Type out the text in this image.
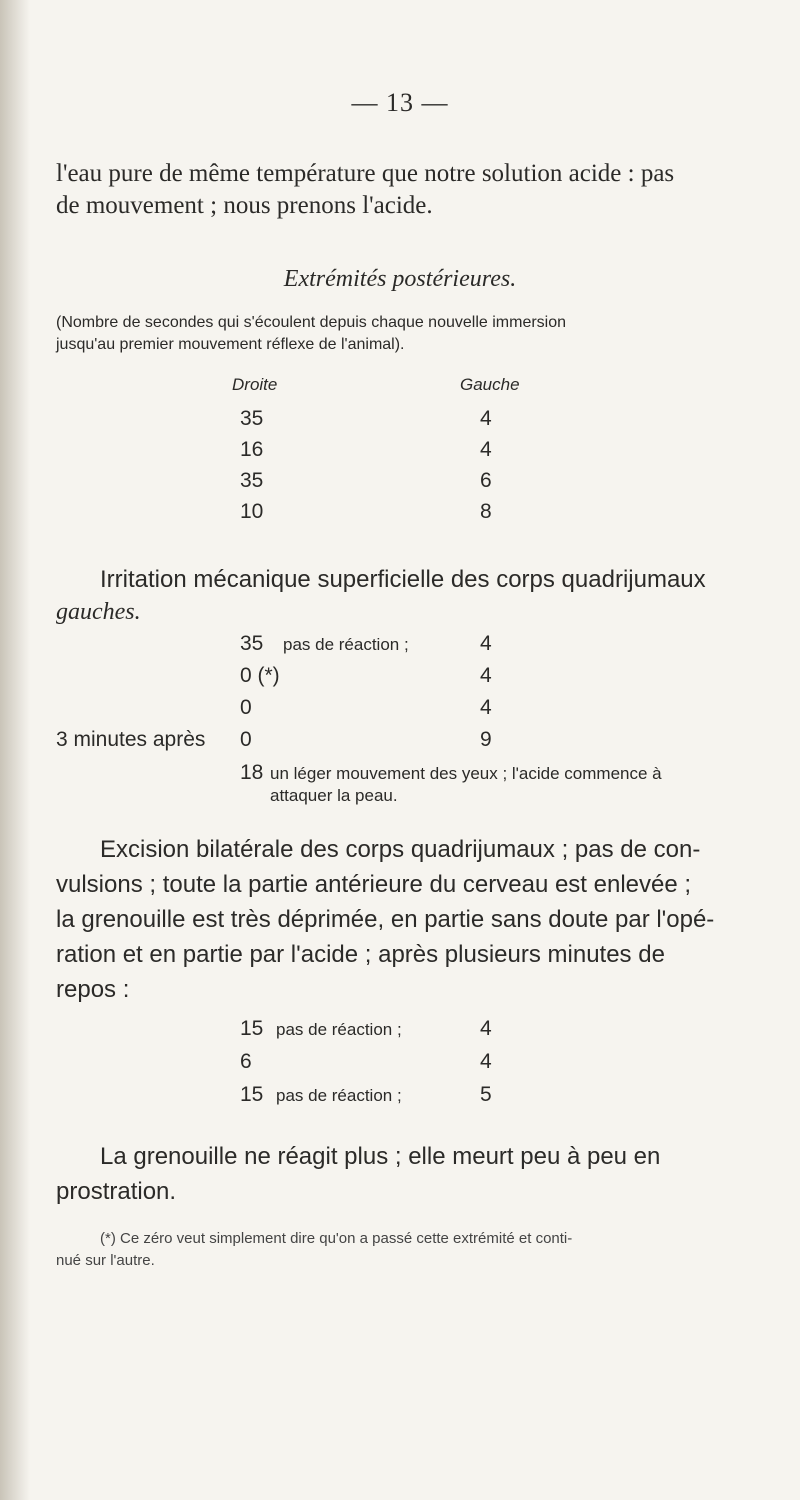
— 13 —
l'eau pure de même température que notre solution acide : pas
de mouvement ; nous prenons l'acide.
Extrémités postérieures.
(Nombre de secondes qui s'écoulent depuis chaque nouvelle immersion
jusqu'au premier mouvement réflexe de l'animal).
Droite	Gauche
35	4
16	4
35	6
10	8
Irritation mécanique superficielle des corps quadrijumaux
gauches.
35 pas de réaction ;	4
0 (*)	4
0	4
3 minutes après 0	9
18 un léger mouvement des yeux ; l'acide commence à
attaquer la peau.
Excision bilatérale des corps quadrijumaux ; pas de con-
vulsions ; toute la partie antérieure du cerveau est enlevée ;
la grenouille est très déprimée, en partie sans doute par l'opé-
ration et en partie par l'acide ; après plusieurs minutes de
repos :
15 pas de réaction ;	4
6	4
15 pas de réaction ;	5
La grenouille ne réagit plus ; elle meurt peu à peu en
prostration.
(*) Ce zéro veut simplement dire qu'on a passé cette extrémité et conti-
nué sur l'autre.
